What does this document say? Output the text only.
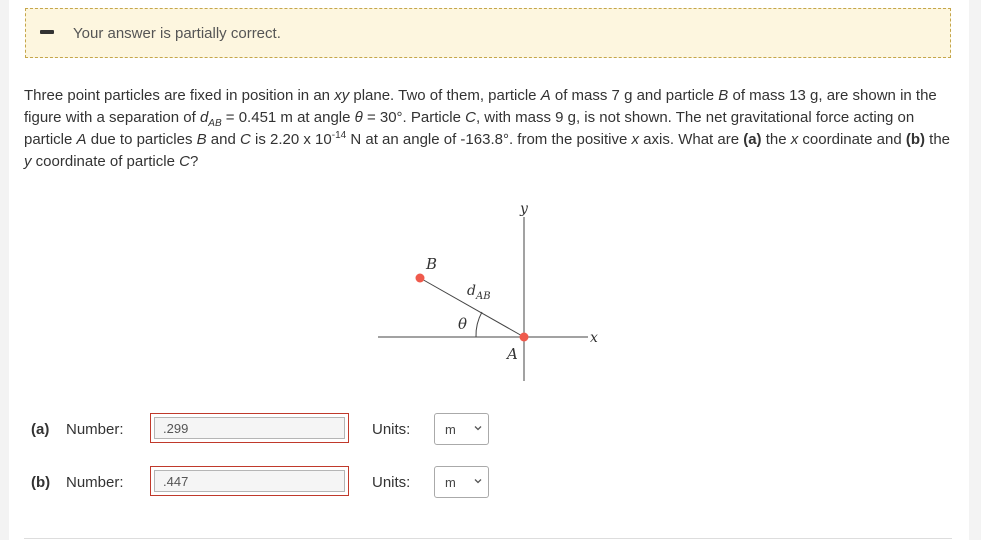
Your answer is partially correct.
Three point particles are fixed in position in an xy plane. Two of them, particle A of mass 7 g and particle B of mass 13 g, are shown in the figure with a separation of $d_{AB} = 0.451$ m at angle θ = 30°. Particle C, with mass 9 g, is not shown. The net gravitational force acting on particle A due to particles B and C is 2.20 x $10^{-14}$ N at an angle of -163.8°. from the positive x axis. What are (a) the x coordinate and (b) the y coordinate of particle C?
B
A
θ
x
y
$d_{AB}$
(a) Number:	.299	Units:	m
(b) Number:	.447	Units:	m
